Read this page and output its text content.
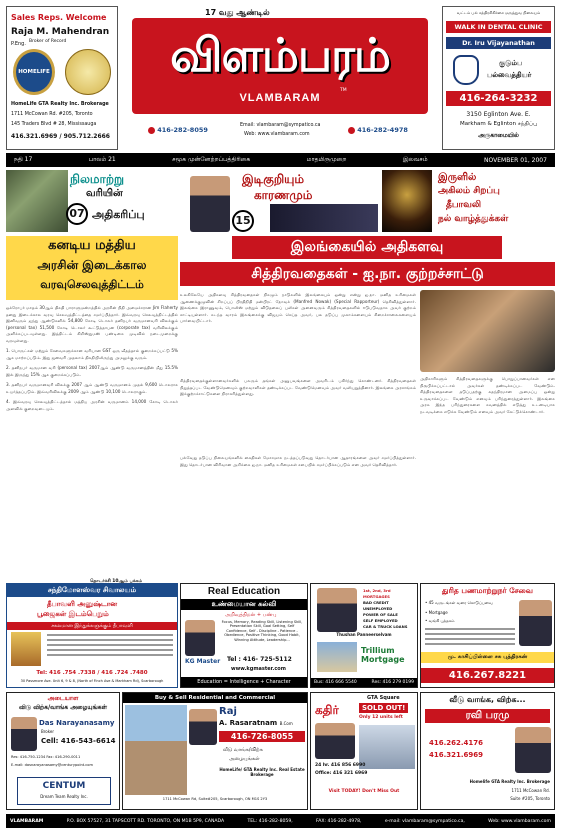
Sales Reps. Welcome
Raja M. Mahendran P.Eng. Broker of Record
HOMELIFE
HomeLife GTA Realty Inc. Brokerage
1711 McCowan Rd. #205, Toronto
145 Traders Blvd # 28, Mississauga
416.321.6969 / 905.712.2666
17 வது ஆண்டில்
விளம்பரம்
VLAMBARAM
TM
416-282-8059
Email: vlambaram@sympatico.ca
Web: www.vlambaram.com
416-282-4978
வட்டம் பல் சத்திரசிகிச்சை மருத்துவ நிலையம்
WALK IN DENTAL CLINIC
Dr. Iru Vijayanathan
குடும்ப
பல்வைத்தியர்
416-264-3232
3150 Eglinton Ave. E.
Markham & Eglinton சந்திப்பு
அருகாமையில்
நதி 17	பாலம் 21	சமூக முன்னேற்றப்பத்திரிகை	மாதமிருமுறை	இலவசம்	NOVEMBER 01, 2007
நிலமாற்று
வரியின்
07 அதிகரிப்பு
இடிகுறியும்
காரணமும்
15
இருளில்
அகிலம் சிறப்பு
தீபாவலி
நல் வாழ்த்துக்கள்
கனடிய மத்திய
அரசின் இடைக்கால
வரவுசெலவுத்திட்டம்

ஒக்ரோபர் மாதம் 30ஆம் திகதி பாராளுமன்றத்தில் அரசின் நிதி அமைச்சரான Jim Flaherty தனது இடைக்கால வரவு செலவுத்திட்டத்தை சமர்ப்பித்தார். இவ்வரவு செலவுத்திட்டத்தில் இனிவரும் ஐந்து ஆண்டுகளில் 54,800 கோடி டொலர் தனிநபர் வருமானவரி விலக்கும் (personal tax) 51,500 கோடி டொலர் கூட்டுத்தாபன (corporate tax) வரிவிலக்கும் அளிக்கப்படவுள்ளது. இத்திட்டம் கிறிஸ்துமஸ் பண்டிகை முடிவில் நடைமுறைக்கு வரவுள்ளது.

1. பொருட்கள் மற்றும் சேவைகளுக்கான வரியான GST ஒரு வீதத்தால் குறைக்கப்பட்டு 5% ஆக மாற்றப்படும். இது ஜனவரி முதலாம் திகதியிலிருந்து அமலுக்கு வரும்.

2. தனிநபர் வருமான வரி (personal tax) 2007ஆம் ஆண்டு வருமானத்தின் மீது 15.5% இல் இருந்து 15% ஆக குறைக்கப்படும்.

3. தனிநபர் வருமானவரி விலக்கு 2007 ஆம் ஆண்டு வருமானம் முதல் 9,600 டொலராக உயர்த்தப்படும். இவ்வரிவிலக்கு 2009 ஆம் ஆண்டு 10,100 டொலராகும்.

4. இவ்வரவு செலவுத்திட்டத்தால் மத்திய அரசின் வருமானம் 14,000 கோடி டொலர் அளவில் குறைவடையும்.

தொடர்ச்சி 10ஆம் பக்கம்
இலங்கையில் அதிகளவு
சித்திரவதைகள் - ஐ.நா. குற்றச்சாட்டு
உலகிலேயே அதிகளவு சித்திரவதைகள் நிகழும் நாடுகளில் இலங்கையும் ஒன்று என்று ஐ.நா. மனித உரிமைகள் ஆணைக்குழுவின் சிறப்புப் பிரதிநிதி மன்பிரட் நோவக் (Manfred Nowak) (Special Rapporteur) தெரிவித்துள்ளார். இலங்கை இராணுவம், பொலிஸ் மற்றும் விடுதலைப் புலிகள் அனைவரும் சித்திரவதைகளில் ஈடுபடுவதாக அவர் குற்றம் சாட்டியுள்ளார். கடந்த வாரம் இலங்கைக்கு விஜயம் செய்த அவர், பல தடுப்பு முகாம்களையும் சிறைச்சாலைகளையும் பார்வையிட்டார்.
சித்திரவதைக்குள்ளானவர்களில் பலரும் தங்கள் அனுபவங்களை அவரிடம் பகிர்ந்து கொண்டனர். சித்திரவதைகள் நிறுத்தப்பட வேண்டுமெனவும் குற்றவாளிகள் தண்டிக்கப்பட வேண்டுமெனவும் அவர் வலியுறுத்தினார். இலங்கை அரசாங்கம் இக்குற்றச்சாட்டுகளை நிராகரித்துள்ளது.
பல்வேறு தடுப்பு நிலையங்களில் கைதிகள் மோசமாக நடத்தப்படுவது தொடர்பான ஆதாரங்களை அவர் சமர்ப்பித்துள்ளார். இது தொடர்பான விரிவான அறிக்கை ஐ.நா. மனித உரிமைகள் சபையில் சமர்ப்பிக்கப்படும் என அவர் தெரிவித்தார்.
அதிகாரிகளும் சித்திரவதைகளுக்கு பொறுப்பானவர்கள் என நிரூபிக்கப்பட்டால் அவர்கள் தண்டிக்கப்பட வேண்டும். சித்திரவதைகளை தடுப்பதற்கு சுதந்திரமான அமைப்பு ஒன்று உருவாக்கப்பட வேண்டும் எனவும் பரிந்துரைத்துள்ளார். இலங்கை அரசு இந்த பரிந்துரைகளை கவனத்தில் எடுத்து உடனடியாக நடவடிக்கை எடுக்க வேண்டும் எனவும் அவர் கேட்டுக்கொண்டார்.
சந்திமோளஸ்வர சிவாலயம்
தீபாவளி அனுஷ்டான
பூஜைகள் இடம்பெறும்
சகலமான இந்துக்களுக்கும் தீபாவளி
Tel: 416 .754 .7338 / 416 .724 .7480
30 Passmore Ave. Unit 6, 9 & 8, (North of Finch Ave & Markham Rd), Scarborough
Real Education
உண்மையான கல்வி
அறிவுத்திறன் + பண்பு
Focus, Memory, Reading Skill, Listening Skill, Presentation Skill, Goal Setting, Self Confidence, Self - Discipline - Patience - Obedience, Positive Thinking, Good Habit, Winning Attitude, Leadership...
KG Master Tel : 416- 725-5112
www.kgmaster.com
Education = Intelligence + Character
1st, 2nd, 3rd MORTGAGES
BAD CREDIT
UNEMPLOYED
POWER OF SALE
SELF EMPLOYED
CAR & TRUCK LOANS
Thushan Panneerselvam
Trillium Mortgage
Bus: 416 666 5540	Res: 416 279 0199
துரித பணமாற்றுநர் சேவை
• 45 வருடங்கள் வரை கொடுப்பனவு
• Mortgage
• வங்கி புத்தகம்
மு. காசிப்பிள்ளை சசு புத்திரகன்
416.267.8221
அடையாள
விடு விற்க/வாங்க அழையுங்கள்
Das Narayanasamy
Broker
Cell: 416-543-6614
Res: 416-750-1234 Fax: 416-290-0011
E-mail: dasnarayanasamy@centurypoint.com
CENTUM
Dream Team Realty Inc.
Buy & Sell Residential and Commercial
Raj
A. Rasaratnam B.Com
416-726-8055
வீடு வாங்க/விற்க
அழையுங்கள்
HomeLife/ GTA Realty Inc. Real Estate Brokerage
1711 McCowan Rd, Suite#205, Scarborough, ON M1S 2Y3
கதிர்
GTA Square
SOLD OUT!
Only 12 units left
24 hr. 416 856 6990
Office: 416 321 6969
Visit TODAY! Don't Miss Out
வீடு வாங்க, விற்க...
ரவி பரமு
416.262.4176
416.321.6969
Homelife GTA Realty Inc. Brokerage
1711 McCowan Rd.
Suite #205, Toronto
VLAMBARAM	P.O. BOX 57527, 31 TAPSCOTT RD. TORONTO, ON M1B 5P9, CANADA	TEL: 416-282-8059,	FAX: 416-282-4978,	e-mail: vlambaram@sympatico.ca,	Web: www.vlambaram.com
